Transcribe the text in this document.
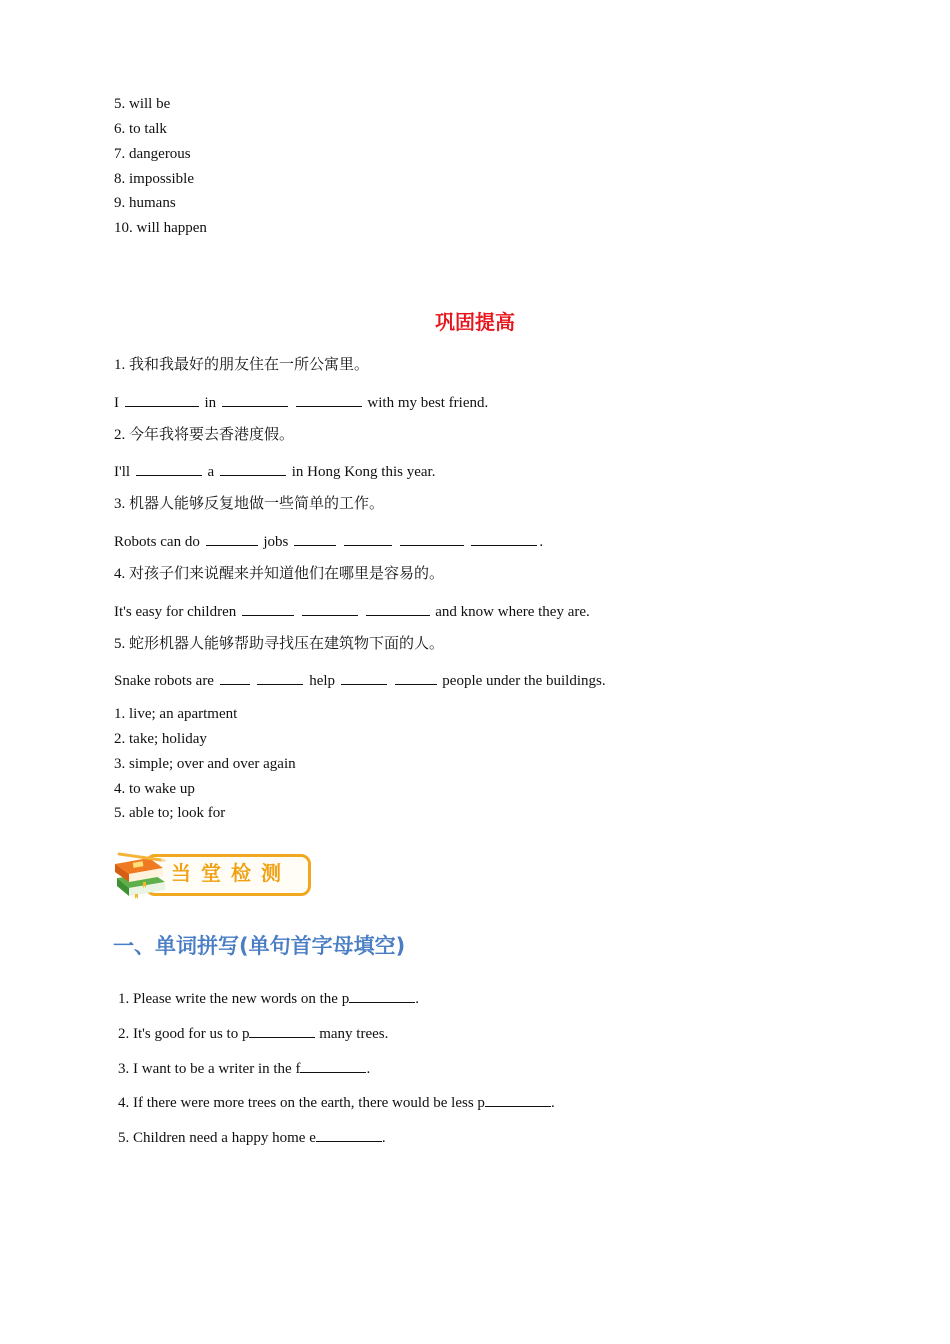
5. will be
6. to talk
7. dangerous
8. impossible
9. humans
10. will happen
巩固提高
1. 我和我最好的朋友住在一所公寓里。
I	in	with my best friend.
2. 今年我将要去香港度假。
I'll	a	in Hong Kong this year.
3. 机器人能够反复地做一些简单的工作。
Robots can do	jobs	.
4. 对孩子们来说醒来并知道他们在哪里是容易的。
It's easy for children	and know where they are.
5. 蛇形机器人能够帮助寻找压在建筑物下面的人。
Snake robots are	help	people under the buildings.
1. live; an apartment
2. take; holiday
3. simple; over and over again
4. to wake up
5. able to; look for
当堂检测
一、单词拼写(单句首字母填空)
1. Please write the new words on the p	.
2. It's good for us to p	many trees.
3. I want to be a writer in the f	.
4. If there were more trees on the earth, there would be less p	.
5. Children need a happy home e	.
